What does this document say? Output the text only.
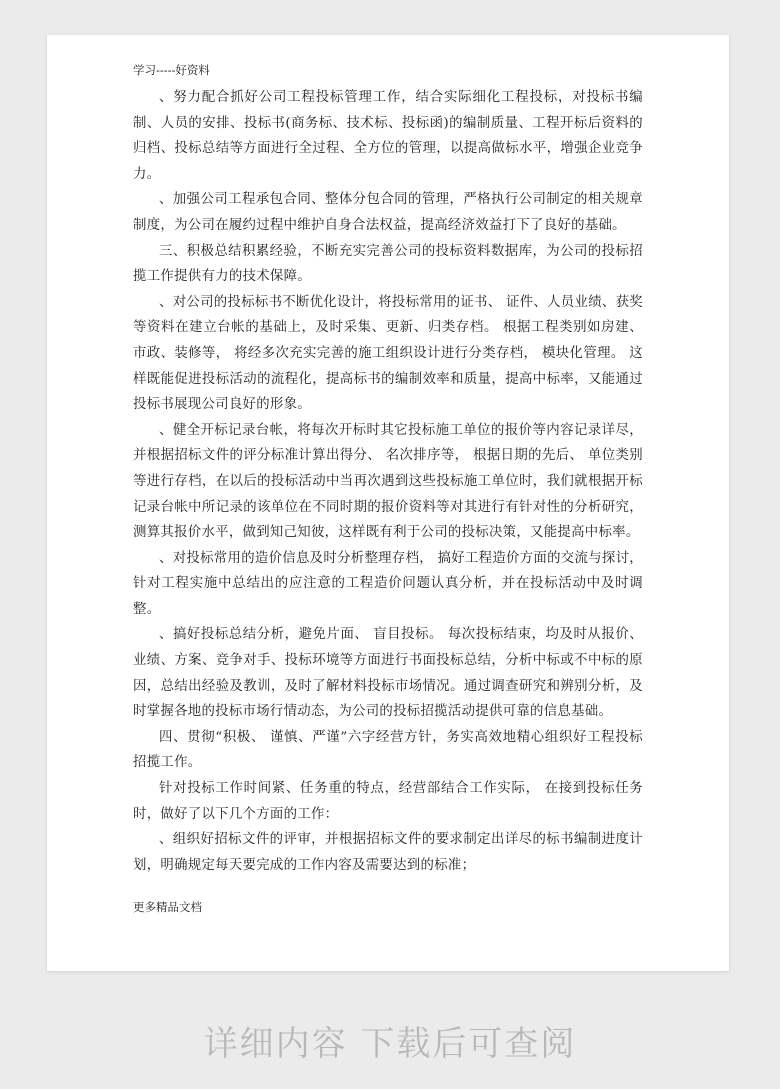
学习-----好资料

、努力配合抓好公司工程投标管理工作，结合实际细化工程投标，对投标书编制、人员的安排、投标书(商务标、技术标、投标函)的编制质量、工程开标后资料的归档、投标总结等方面进行全过程、全方位的管理，以提高做标水平，增强企业竞争力。

、加强公司工程承包合同、整体分包合同的管理，严格执行公司制定的相关规章制度，为公司在履约过程中维护自身合法权益，提高经济效益打下了良好的基础。

三、积极总结积累经验，不断充实完善公司的投标资料数据库，为公司的投标招揽工作提供有力的技术保障。

、对公司的投标标书不断优化设计，将投标常用的证书、 证件、人员业绩、获奖等资料在建立台帐的基础上，及时采集、更新、归类存档。 根据工程类别如房建、市政、装修等， 将经多次充实完善的施工组织设计进行分类存档， 模块化管理。 这样既能促进投标活动的流程化，提高标书的编制效率和质量，提高中标率，又能通过投标书展现公司良好的形象。

、健全开标记录台帐，将每次开标时其它投标施工单位的报价等内容记录详尽，并根据招标文件的评分标准计算出得分、 名次排序等， 根据日期的先后、 单位类别等进行存档，在以后的投标活动中当再次遇到这些投标施工单位时，我们就根据开标记录台帐中所记录的该单位在不同时期的报价资料等对其进行有针对性的分析研究，测算其报价水平，做到知己知彼，这样既有利于公司的投标决策，又能提高中标率。

、对投标常用的造价信息及时分析整理存档， 搞好工程造价方面的交流与探讨，针对工程实施中总结出的应注意的工程造价问题认真分析，并在投标活动中及时调整。

、搞好投标总结分析，避免片面、 盲目投标。 每次投标结束，均及时从报价、业绩、方案、竞争对手、投标环境等方面进行书面投标总结，分析中标或不中标的原因，总结出经验及教训，及时了解材料投标市场情况。通过调查研究和辨别分析，及时掌握各地的投标市场行情动态，为公司的投标招揽活动提供可靠的信息基础。

四、贯彻“积极、 谨慎、严谨”六字经营方针，务实高效地精心组织好工程投标招揽工作。

针对投标工作时间紧、任务重的特点，经营部结合工作实际， 在接到投标任务时，做好了以下几个方面的工作：

、组织好招标文件的评审，并根据招标文件的要求制定出详尽的标书编制进度计划，明确规定每天要完成的工作内容及需要达到的标准；

更多精品文档
详细内容 下载后可查阅
